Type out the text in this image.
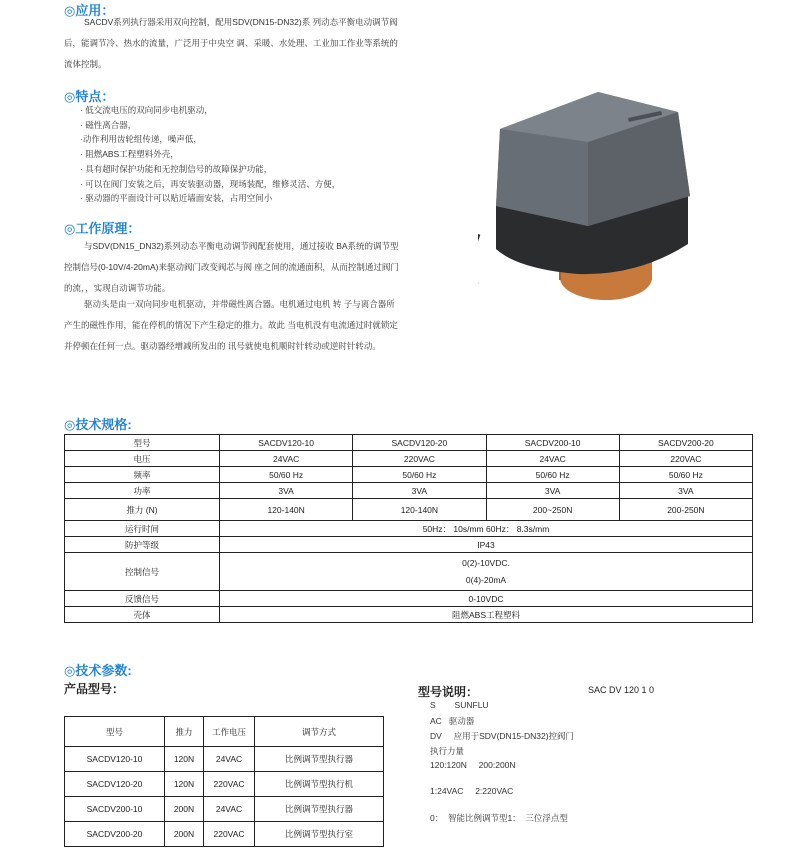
◎应用：
SACDV系列执行器采用双向控制，配用SDV(DN15-DN32)系 列动态平衡电动调节阀后，能调节冷、热水的流量，广泛用于中央空 调、采暖、水处理、工业加工作业等系统的流体控制。
◎特点：
· 低交流电压的双向同步电机驱动，
· 磁性离合器，
·动作利用齿轮组传递，噪声低，
· 阻燃ABS工程塑料外壳，
· 具有超时保护功能和无控制信号的故障保护功能，
· 可以在阀门安装之后，再安装驱动器，现场装配，维修灵活、方便，
· 驱动器的平面设计可以贴近墙面安装，占用空间小
◎工作原理：
与SDV(DN15_DN32)系列动态平衡电动调节阀配套使用，通过接收 BA系统的调节型控制信号(0-10V/4-20mA)来驱动阀门改变阀芯与阀 座之间的流通面积，从而控制通过阀门的流，，实现自动调节功能。
驱动头是由一双向同步电机驱动，并带磁性离合器。电机通过电机 转 子与离合器所产生的磁性作用，能在停机的情况下产生稳定的推力。故此 当电机没有电流通过时就锁定并停顿在任何一点。驱动器经增减所发出的 讯号就使电机顺时针转动或逆时针转动。
◎技术规格:
型号	SACDV120-10	SACDV120-20	SACDV200-10	SACDV200-20
电压	24VAC	220VAC	24VAC	220VAC
频率	50/60 Hz	50/60 Hz	50/60 Hz	50/60 Hz
功率	3VA	3VA	3VA	3VA
推力 (N)	120-140N	120-140N	200~250N	200-250N
运行时间	50Hz： 10s/mm 60Hz： 8.3s/mm			
防护等级	IP43			
控制信号	0(2)-10VDC.
0(4)-20mA			

反馈信号	0-10VDC			
壳体	阻燃ABS工程塑料			
◎技术参数:
产品型号：
型号	推力	工作电压	调节方式
SACDV120-10	120N	24VAC	比例调节型执行器
SACDV120-20	120N	220VAC	比例调节型执行机
SACDV200-10	200N	24VAC	比例调节型执行器
SACDV200-20	200N	220VAC	比例调节型执行室
型号说明：	SAC DV 120 1 0
S        SUNFLU
AC   驱动器
DV     应用于SDV(DN15-DN32)控阀门
执行力量
120:120N     200:200N
1:24VAC     2:220VAC
0：  智能比例调节型1：  三位浮点型
